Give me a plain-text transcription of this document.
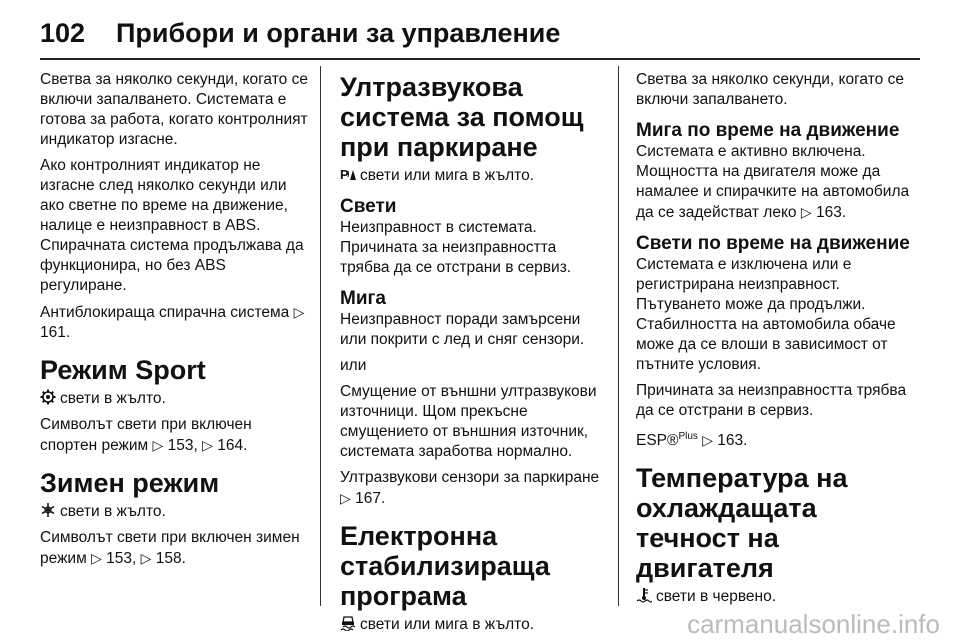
102 Прибори и органи за управление

Светва за няколко секунди, когато се включи запалването. Системата е готова за работа, когато контролният индикатор изгасне.

Ако контролният индикатор не изгасне след няколко секунди или ако светне по време на движение, налице е неизправност в ABS. Спирачната система продължава да функционира, но без ABS регулиране.

Антиблокираща спирачна система ▷ 161.

Режим Sport

свети в жълто.

Символът свети при включен спортен режим ▷ 153, ▷ 164.

Зимен режим

свети в жълто.

Символът свети при включен зимен режим ▷ 153, ▷ 158.

Ултразвукова система за помощ при паркиране

P свети или мига в жълто.

Свети

Неизправност в системата. Причината за неизправността трябва да се отстрани в сервиз.

Мига

Неизправност поради замърсени или покрити с лед и сняг сензори.

или

Смущение от външни ултразвукови източници. Щом прекъсне смущението от външния източник, системата заработва нормално.

Ултразвукови сензори за паркиране ▷ 167.

Електронна стабилизираща програма

свети или мига в жълто.

Светва за няколко секунди, когато се включи запалването.

Мига по време на движение

Системата е активно включена. Мощността на двигателя може да намалее и спирачките на автомобила да се задействат леко ▷ 163.

Свети по време на движение

Системата е изключена или е регистрирана неизправност. Пътуването може да продължи. Стабилността на автомобила обаче може да се влоши в зависимост от пътните условия.

Причината за неизправността трябва да се отстрани в сервиз.

ESP®$^{Plus}$ ▷ 163.

Температура на охлаждащата течност на двигателя

свети в червено.

carmanualsonline.info
